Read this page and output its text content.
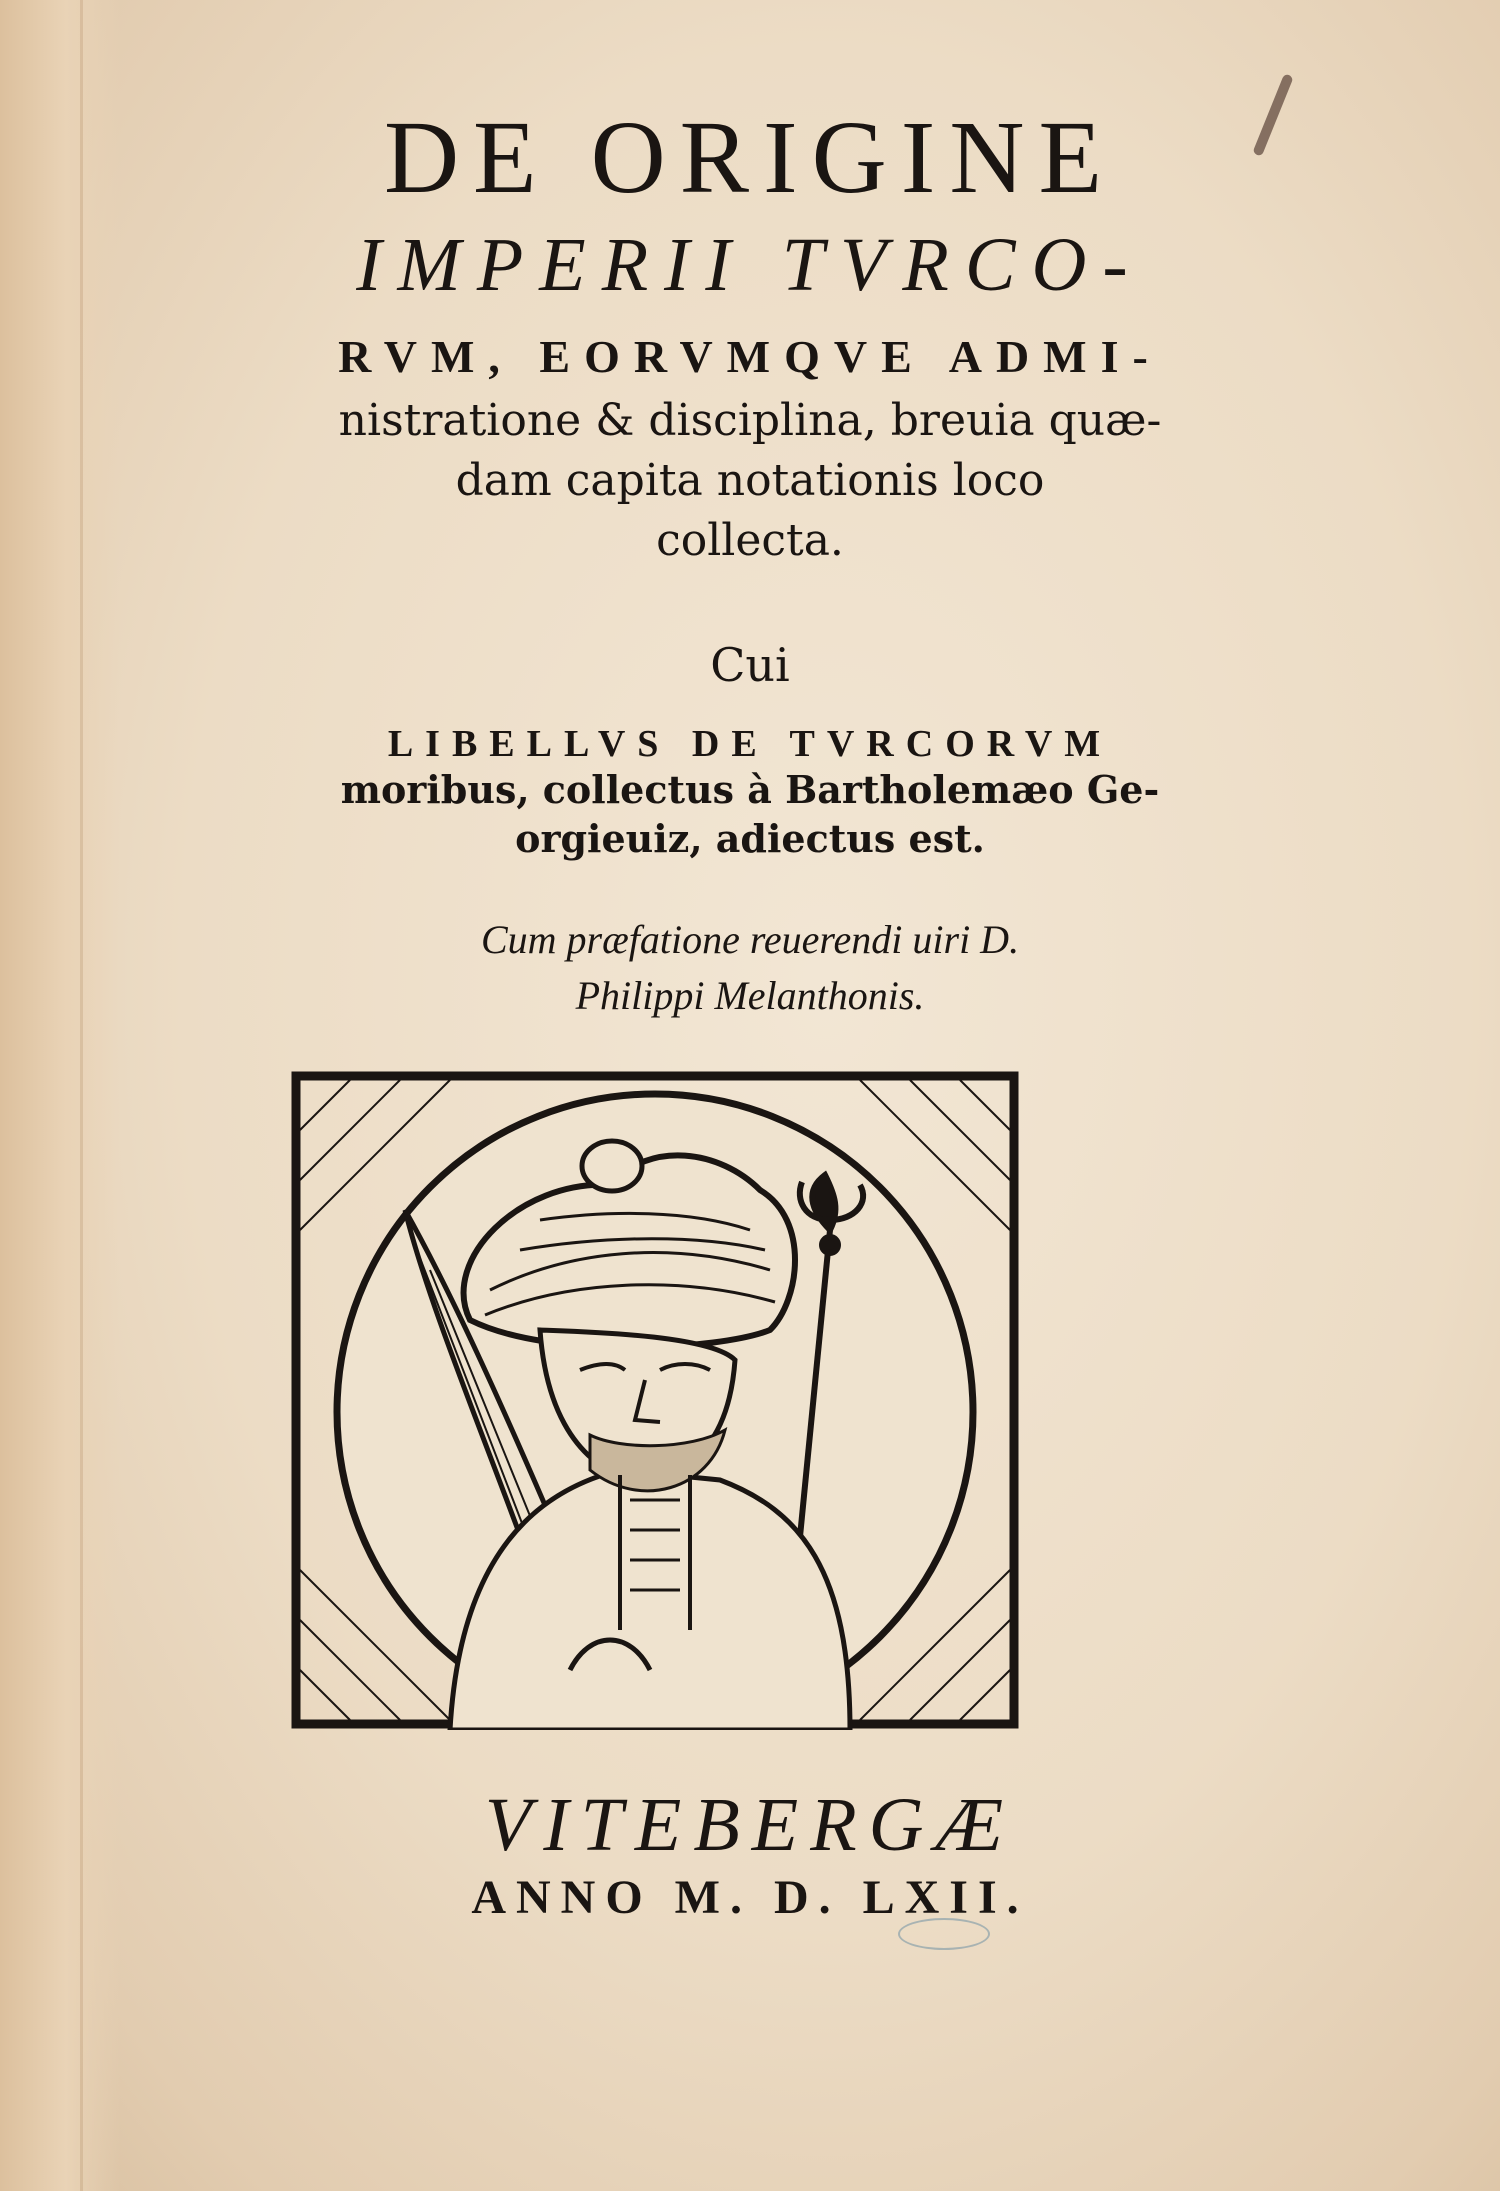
DE ORIGINE

IMPERII TVRCO-

RVM, EORVMQVE ADMI-

nistratione & disciplina, breuia quæ-

dam capita notationis loco

collecta.

Cui

LIBELLVS DE TVRCORVM

moribus, collectus à Bartholemæo Ge-

orgieuiz, adiectus est.

Cum præfatione reuerendi uiri D.

Philippi Melanthonis.

VITEBERGÆ

ANNO M. D. LXII.
